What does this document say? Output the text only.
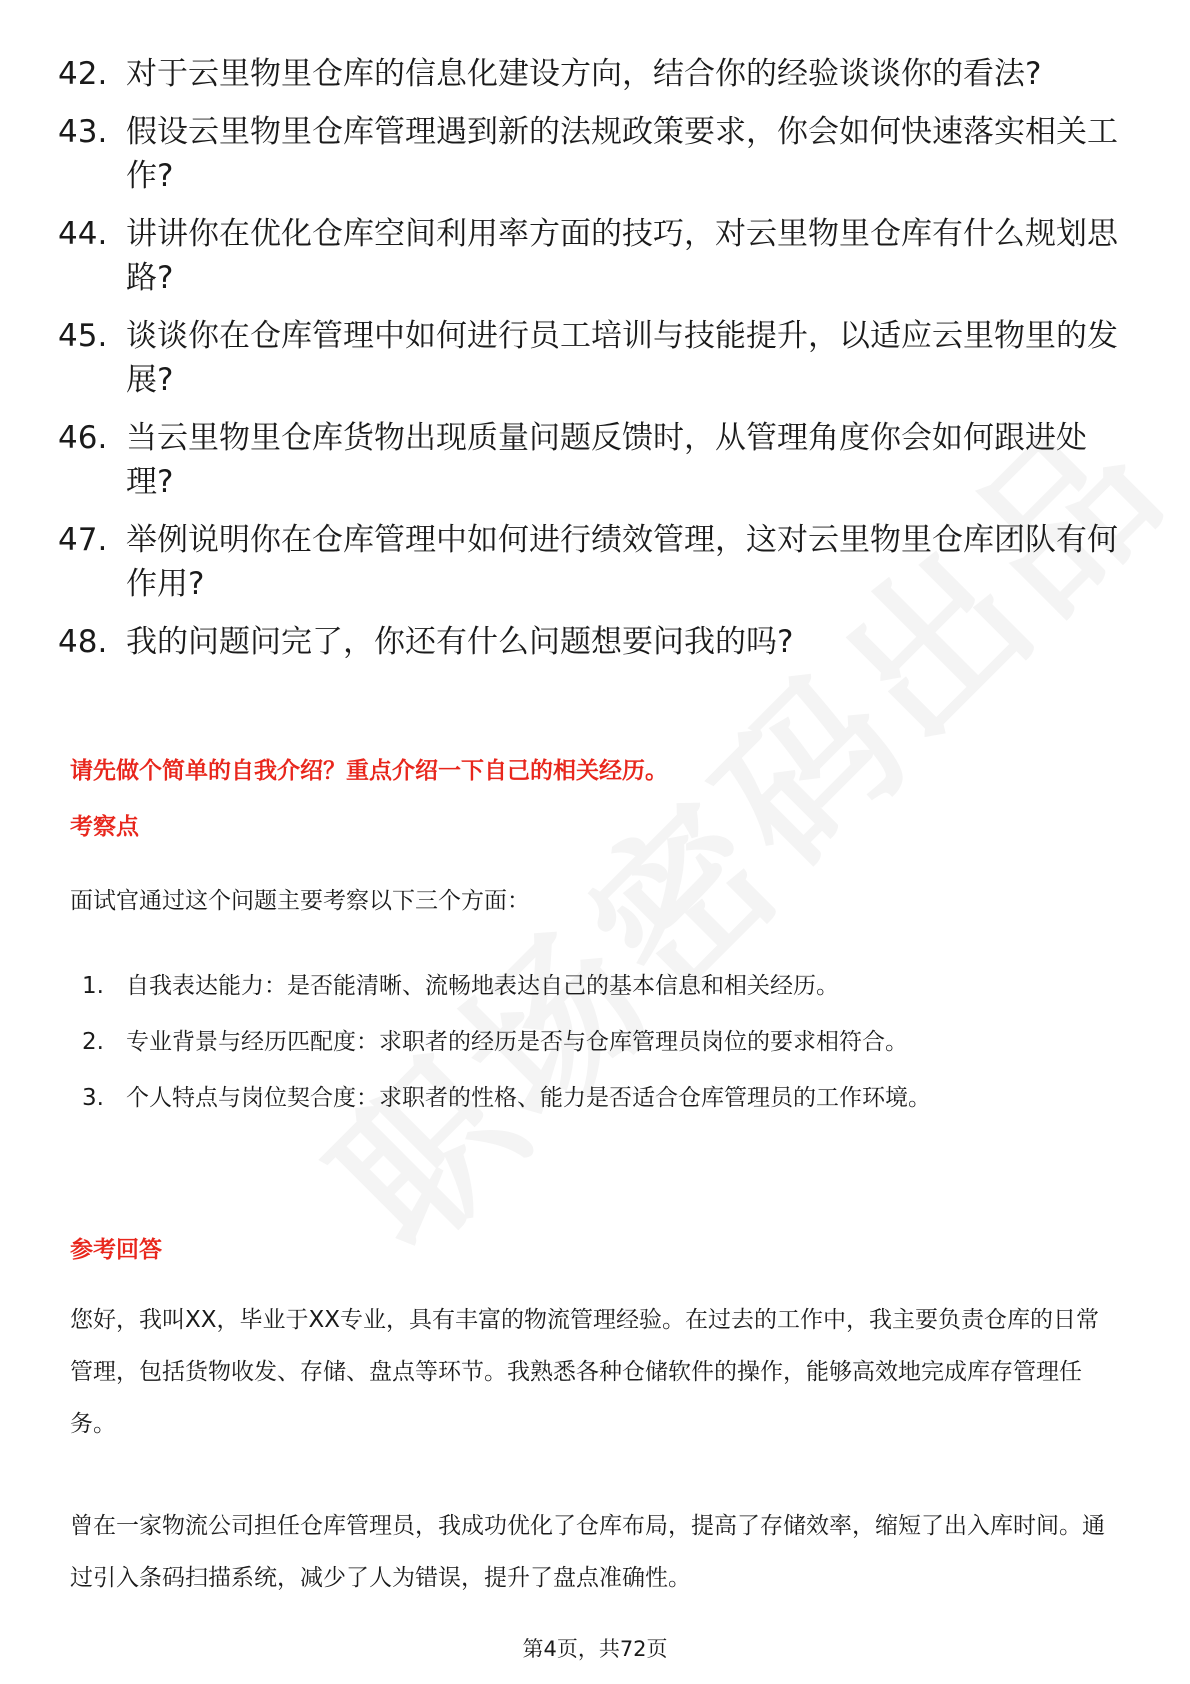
42. 对于云里物里仓库的信息化建设方向，结合你的经验谈谈你的看法?
43. 假设云里物里仓库管理遇到新的法规政策要求，你会如何快速落实相关工作?
44. 讲讲你在优化仓库空间利用率方面的技巧，对云里物里仓库有什么规划思路?
45. 谈谈你在仓库管理中如何进行员工培训与技能提升，以适应云里物里的发展?
46. 当云里物里仓库货物出现质量问题反馈时，从管理角度你会如何跟进处理?
47. 举例说明你在仓库管理中如何进行绩效管理，这对云里物里仓库团队有何作用?
48. 我的问题问完了，你还有什么问题想要问我的吗?

请先做个简单的自我介绍？重点介绍一下自己的相关经历。

考察点

面试官通过这个问题主要考察以下三个方面：

1. 自我表达能力：是否能清晰、流畅地表达自己的基本信息和相关经历。
2. 专业背景与经历匹配度：求职者的经历是否与仓库管理员岗位的要求相符合。
3. 个人特点与岗位契合度：求职者的性格、能力是否适合仓库管理员的工作环境。

参考回答

您好，我叫XX，毕业于XX专业，具有丰富的物流管理经验。在过去的工作中，我主要负责仓库的日常管理，包括货物收发、存储、盘点等环节。我熟悉各种仓储软件的操作，能够高效地完成库存管理任务。

曾在一家物流公司担任仓库管理员，我成功优化了仓库布局，提高了存储效率，缩短了出入库时间。通过引入条码扫描系统，减少了人为错误，提升了盘点准确性。

第4页，共72页
